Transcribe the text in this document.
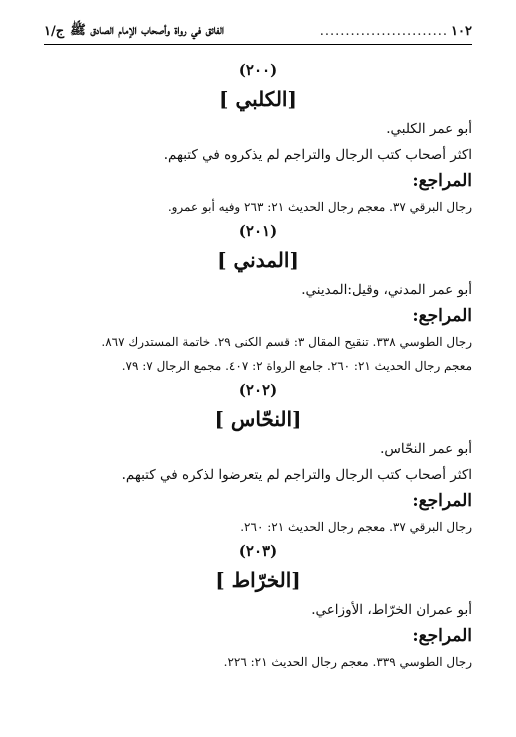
١٠٢
.........................
الفائق في رواة وأصحاب الإمام الصادق ﷺ
ج/١
(٢٠٠)
[الكلبي ]
أبو عمر الكلبي.
اكثر أصحاب كتب الرجال والتراجم لم يذكروه في كتبهم.
المراجع:
رجال البرقي ٣٧. معجم رجال الحديث ٢١: ٢٦٣ وفيه أبو عمرو.
(٢٠١)
[المدني ]
أبو عمر المدني، وقيل:المديني.
المراجع:
رجال الطوسي ٣٣٨. تنقيح المقال ٣: قسم الكنى ٢٩. خاتمة المستدرك ٨٦٧.
معجم رجال الحديث ٢١: ٢٦٠. جامع الرواة ٢: ٤٠٧. مجمع الرجال ٧: ٧٩.
(٢٠٢)
[النحّاس ]
أبو عمر النحّاس.
اكثر أصحاب كتب الرجال والتراجم لم يتعرضوا لذكره في كتبهم.
المراجع:
رجال البرقي ٣٧. معجم رجال الحديث ٢١: ٢٦٠.
(٢٠٣)
[الخرّاط ]
أبو عمران الخرّاط، الأوزاعي.
المراجع:
رجال الطوسي ٣٣٩. معجم رجال الحديث ٢١: ٢٢٦.
